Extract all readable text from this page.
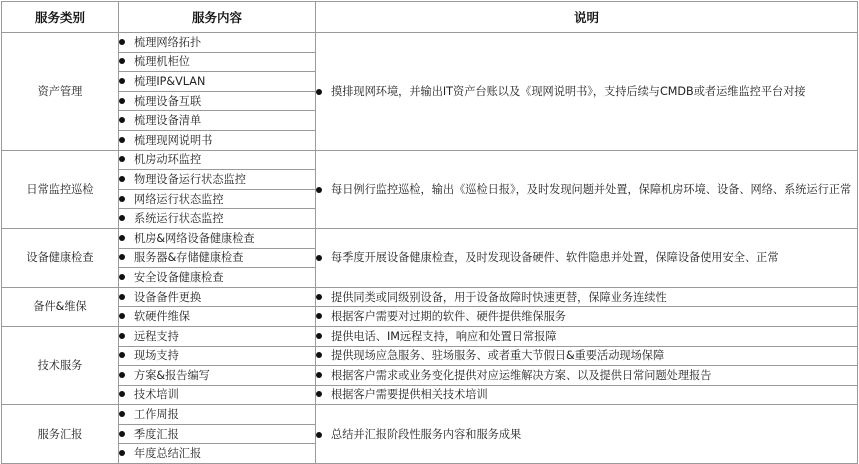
服务类别	服务内容	说明
资产管理	梳理网络拓扑	摸排现网环境，并输出IT资产台账以及《现网说明书》，支持后续与CMDB或者运维监控平台对接

	梳理机柜位	
	梳理IP&VLAN	
	梳理设备互联	
	梳理设备清单	
	梳理现网说明书	
日常监控巡检	机房动环监控	每日例行监控巡检，输出《巡检日报》，及时发现问题并处置，保障机房环境、设备、网络、系统运行正常

	物理设备运行状态监控	
	网络运行状态监控	
	系统运行状态监控	
设备健康检查	机房&网络设备健康检查	每季度开展设备健康检查，及时发现设备硬件、软件隐患并处置，保障设备使用安全、正常

	服务器&存储健康检查	
	安全设备健康检查	
备件&维保	设备备件更换	提供同类或同级别设备，用于设备故障时快速更替，保障业务连续性
	软硬件维保	根据客户需要对过期的软件、硬件提供维保服务
技术服务	远程支持	提供电话、IM远程支持，响应和处置日常报障
	现场支持	提供现场应急服务、驻场服务、或者重大节假日&重要活动现场保障
	方案&报告编写	根据客户需求或业务变化提供对应运维解决方案、以及提供日常问题处理报告
	技术培训	根据客户需要提供相关技术培训
服务汇报	工作周报	总结并汇报阶段性服务内容和服务成果

	季度汇报	
	年度总结汇报	
